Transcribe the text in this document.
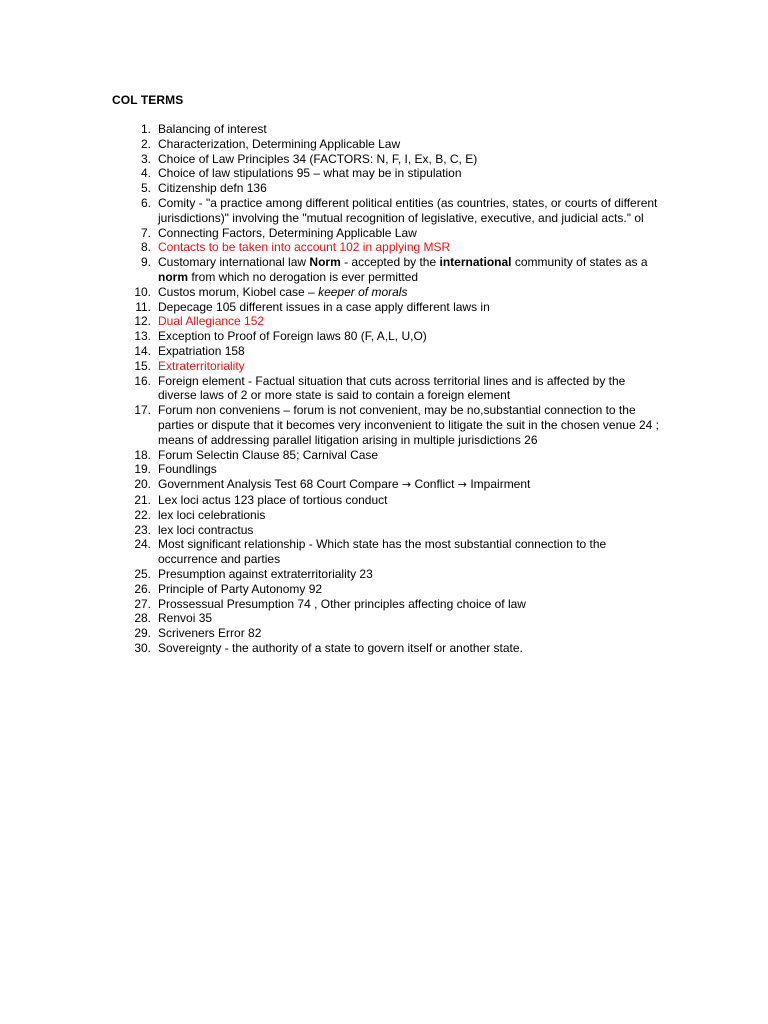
COL TERMS
1. Balancing of interest
2. Characterization, Determining Applicable Law
3. Choice of Law Principles 34 (FACTORS: N, F, I, Ex, B, C, E)
4. Choice of law stipulations 95 – what may be in stipulation
5. Citizenship defn 136
6. Comity - "a practice among different political entities (as countries, states, or courts of different jurisdictions)" involving the "mutual recognition of legislative, executive, and judicial acts." ol
7. Connecting Factors, Determining Applicable Law
8. Contacts to be taken into account 102 in applying MSR
9. Customary international law Norm - accepted by the international community of states as a norm from which no derogation is ever permitted
10. Custos morum, Kiobel case – keeper of morals
11. Depecage 105 different issues in a case apply different laws in
12. Dual Allegiance 152
13. Exception to Proof of Foreign laws 80 (F, A,L, U,O)
14. Expatriation 158
15. Extraterritoriality
16. Foreign element - Factual situation that cuts across territorial lines and is affected by the diverse laws of 2 or more state is said to contain a foreign element
17. Forum non conveniens – forum is not convenient, may be no,substantial connection to the parties or dispute that it becomes very inconvenient to litigate the suit in the chosen venue 24 ; means of addressing parallel litigation arising in multiple jurisdictions 26
18. Forum Selectin Clause 85; Carnival Case
19. Foundlings
20. Government Analysis Test 68 Court Compare → Conflict → Impairment
21. Lex loci actus 123 place of tortious conduct
22. lex loci celebrationis
23. lex loci contractus
24. Most significant relationship - Which state has the most substantial connection to the occurrence and parties
25. Presumption against extraterritoriality 23
26. Principle of Party Autonomy 92
27. Prossessual Presumption 74 , Other principles affecting choice of law
28. Renvoi 35
29. Scriveners Error 82
30. Sovereignty - the authority of a state to govern itself or another state.
